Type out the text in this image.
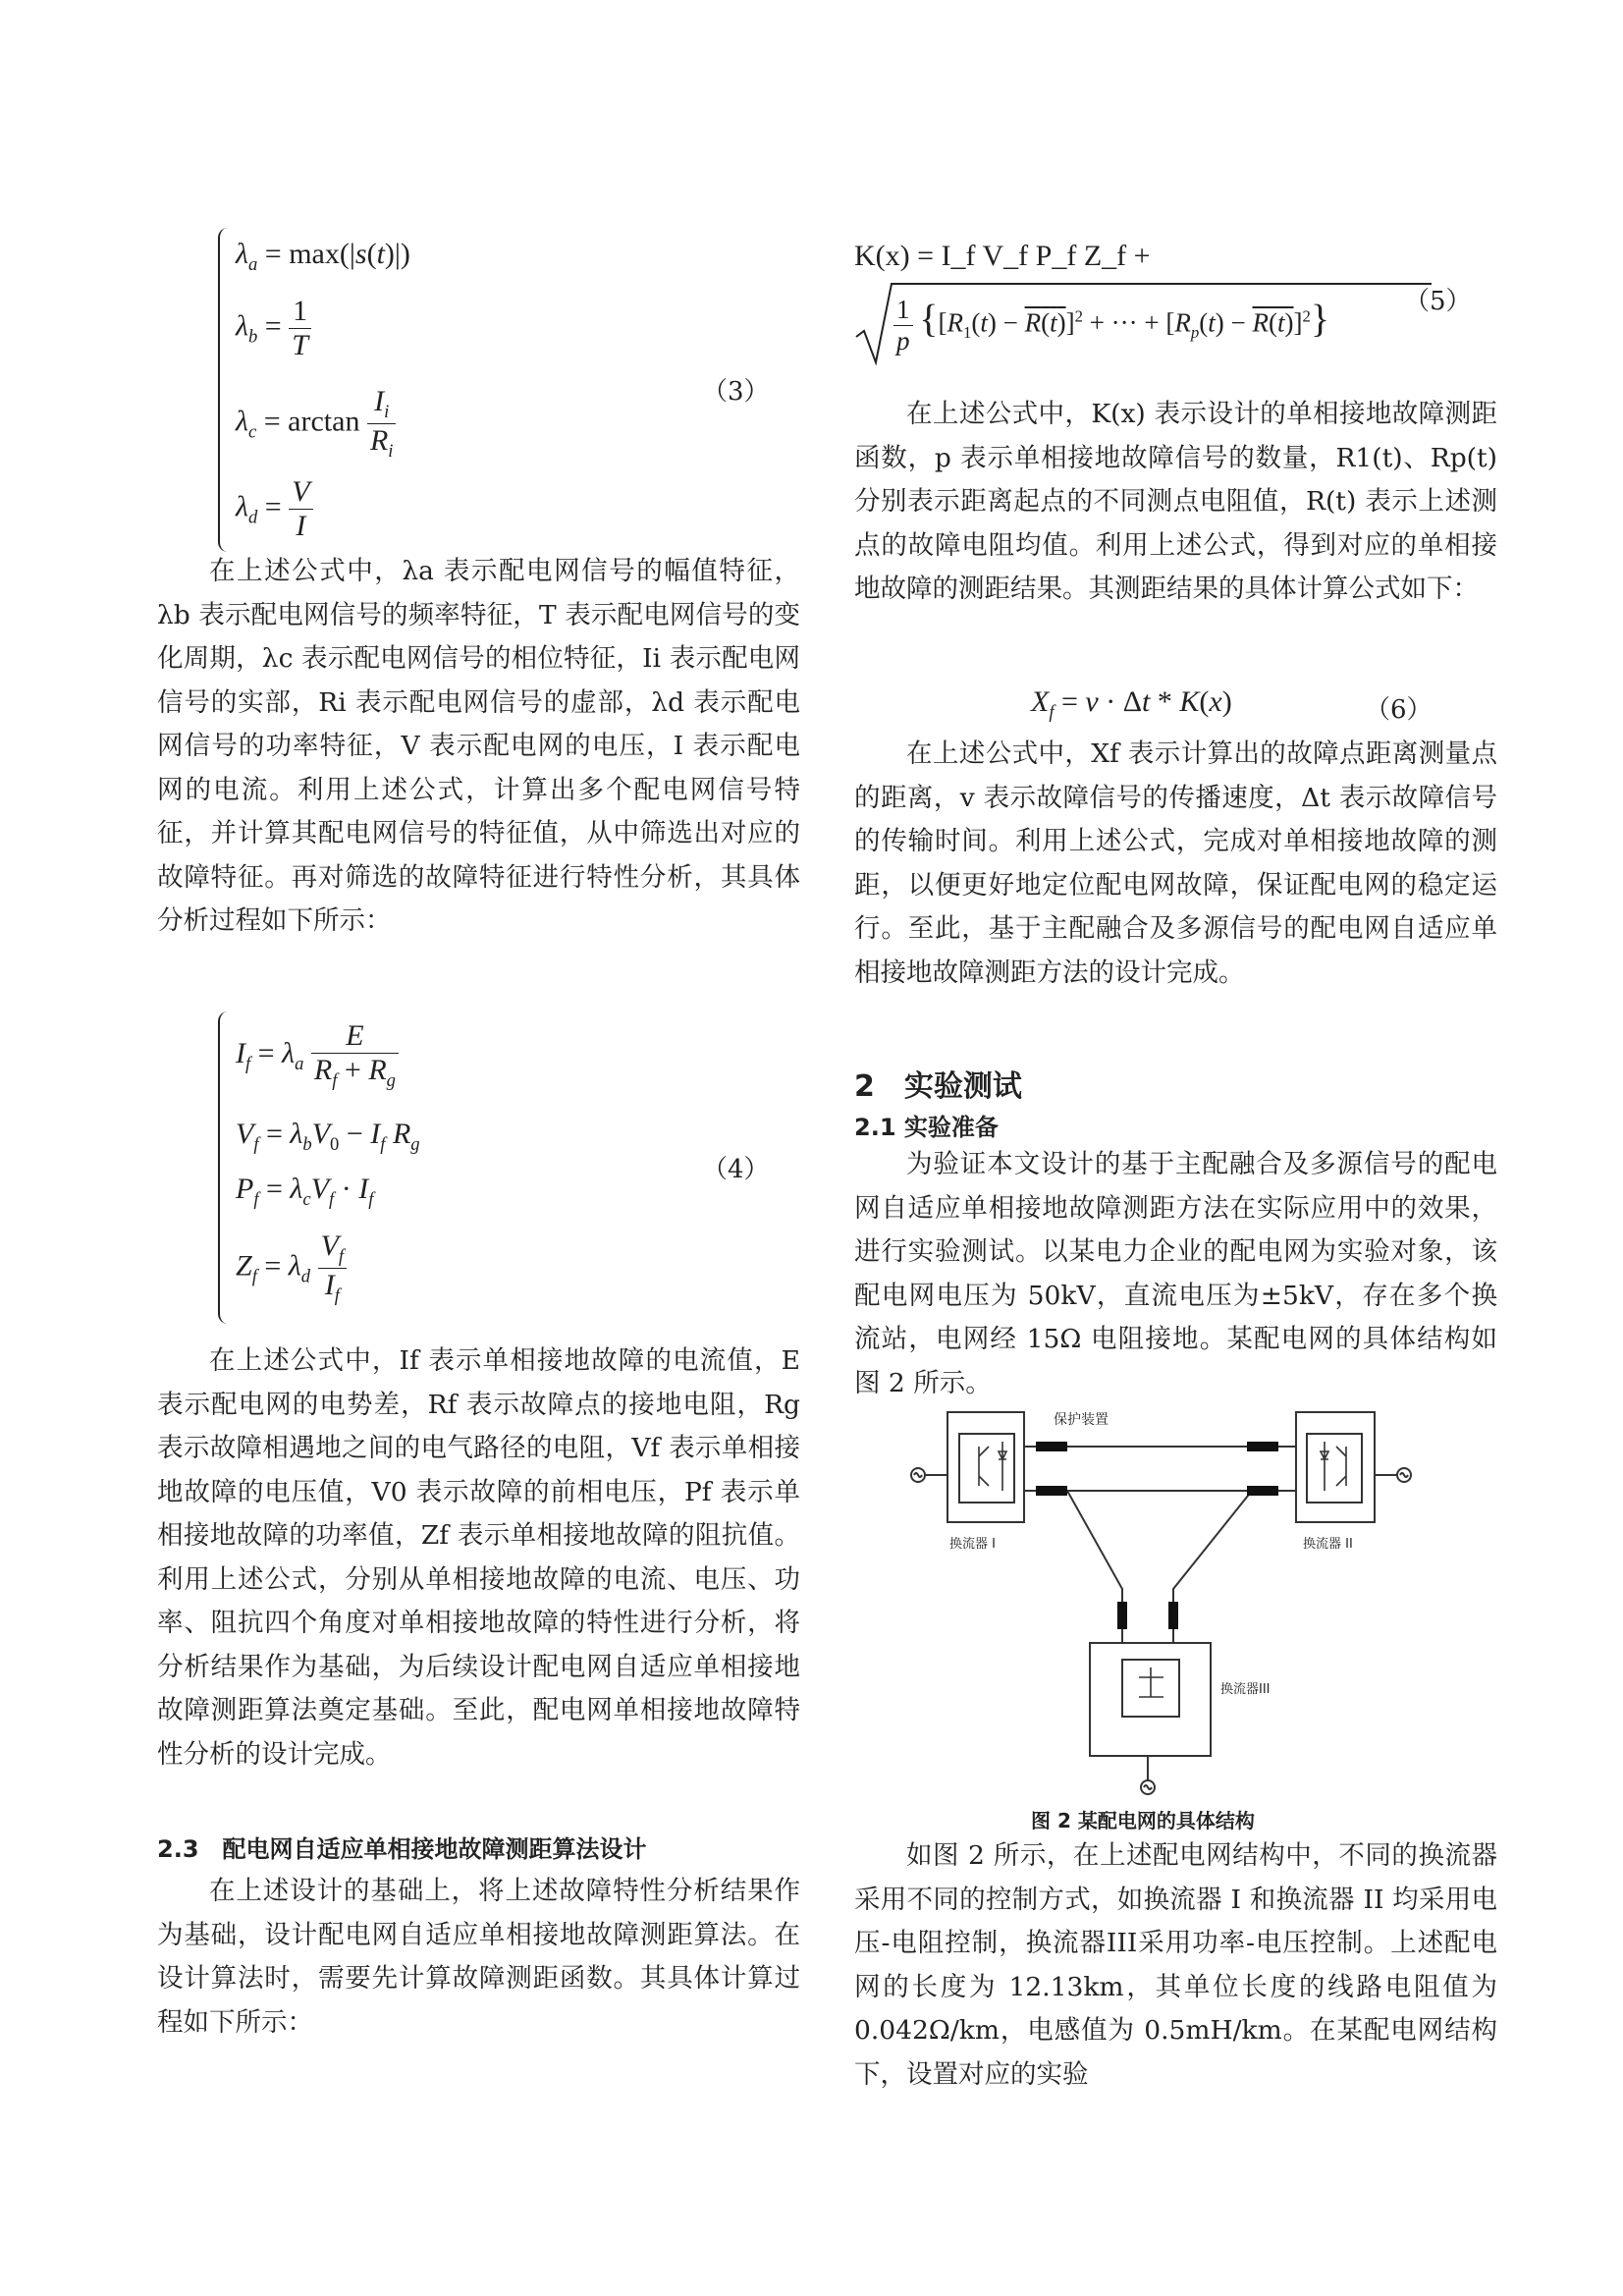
$\lambda_a = \max(|s(t)|)$
$\lambda_b = \frac{1}{T}$
$\lambda_c = \arctan \frac{I_i}{R_i}$
$\lambda_d = \frac{V}{I}$
（3）

在上述公式中，λa 表示配电网信号的幅值特征，λb 表示配电网信号的频率特征，T 表示配电网信号的变化周期，λc 表示配电网信号的相位特征，Ii 表示配电网信号的实部，Ri 表示配电网信号的虚部，λd 表示配电网信号的功率特征，V 表示配电网的电压，I 表示配电网的电流。利用上述公式，计算出多个配电网信号特征，并计算其配电网信号的特征值，从中筛选出对应的故障特征。再对筛选的故障特征进行特性分析，其具体分析过程如下所示：

$I_f = \lambda_a \frac{E}{R_f + R_g}$
$V_f = \lambda_bV_0 - I_f$ $R_g$
$P_f = \lambda_cV_f \cdot I_f$
$Z_f = \lambda_d \frac{V_f}{I_f}$
（4）

在上述公式中，If 表示单相接地故障的电流值，E 表示配电网的电势差，Rf 表示故障点的接地电阻，Rg 表示故障相遇地之间的电气路径的电阻，Vf 表示单相接地故障的电压值，V0 表示故障的前相电压，Pf 表示单相接地故障的功率值，Zf 表示单相接地故障的阻抗值。利用上述公式，分别从单相接地故障的电流、电压、功率、阻抗四个角度对单相接地故障的特性进行分析，将分析结果作为基础，为后续设计配电网自适应单相接地故障测距算法奠定基础。至此，配电网单相接地故障特性分析的设计完成。

2.3　配电网自适应单相接地故障测距算法设计

在上述设计的基础上，将上述故障特性分析结果作为基础，设计配电网自适应单相接地故障测距算法。在设计算法时，需要先计算故障测距函数。其具体计算过程如下所示：

K(x) = I_f V_f P_f Z_f +
$\frac{1}{p} \{[R_1(t) - R(t)]^2$ + ··· + $[R_p(t) - R(t)]^2$}	（5）

在上述公式中，K(x) 表示设计的单相接地故障测距函数，p 表示单相接地故障信号的数量，R1(t)、Rp(t) 分别表示距离起点的不同测点电阻值，R(t) 表示上述测点的故障电阻均值。利用上述公式，得到对应的单相接地故障的测距结果。其测距结果的具体计算公式如下：

$X_f = v \cdot \Delta t * K(x)$	（6）

在上述公式中，Xf 表示计算出的故障点距离测量点的距离，v 表示故障信号的传播速度，Δt 表示故障信号的传输时间。利用上述公式，完成对单相接地故障的测距，以便更好地定位配电网故障，保证配电网的稳定运行。至此，基于主配融合及多源信号的配电网自适应单相接地故障测距方法的设计完成。

2　实验测试
2.1 实验准备

为验证本文设计的基于主配融合及多源信号的配电网自适应单相接地故障测距方法在实际应用中的效果，进行实验测试。以某电力企业的配电网为实验对象，该配电网电压为 50kV，直流电压为±5kV，存在多个换流站，电网经 15Ω 电阻接地。某配电网的具体结构如图 2 所示。

保护装置
换流器 I	换流器 II
换流器III
图 2 某配电网的具体结构

如图 2 所示，在上述配电网结构中，不同的换流器采用不同的控制方式，如换流器 I 和换流器 II 均采用电压-电阻控制，换流器III采用功率-电压控制。上述配电网的长度为 12.13km，其单位长度的线路电阻值为 0.042Ω/km，电感值为 0.5mH/km。在某配电网结构下，设置对应的实验
